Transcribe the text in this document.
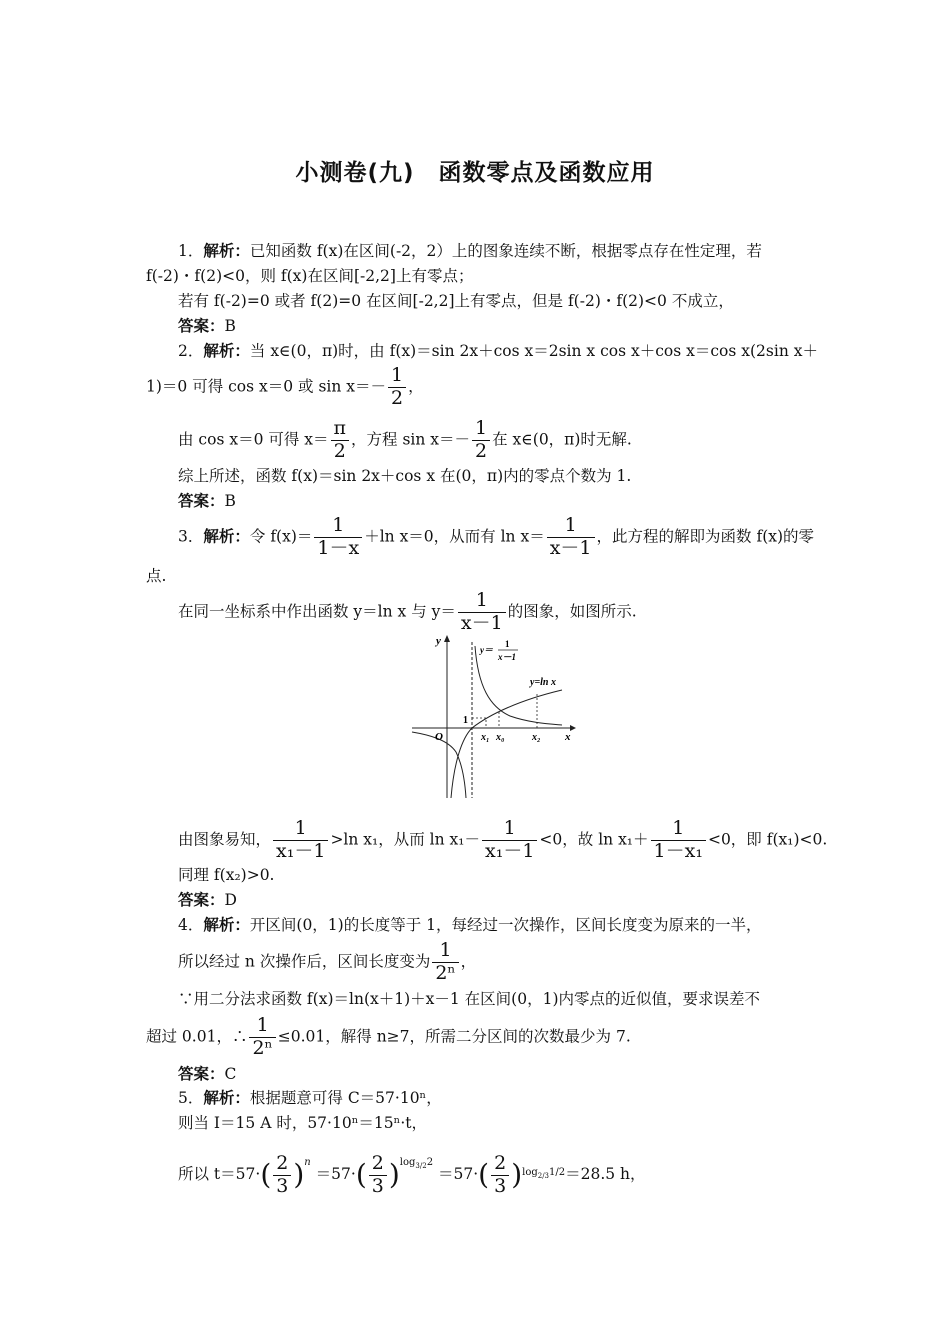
小测卷(九)　函数零点及函数应用
1．解析：已知函数 f(x)在区间(-2，2）上的图象连续不断，根据零点存在性定理，若
f(-2)・f(2)<0，则 f(x)在区间[-2,2]上有零点；
若有 f(-2)=0 或者 f(2)=0 在区间[-2,2]上有零点，但是 f(-2)・f(2)<0 不成立，
答案：B
2．解析：当 x∈(0，π)时，由 f(x)＝sin 2x＋cos x＝2sin x cos x＋cos x＝cos x(2sin x＋
1)＝0 可得 cos x＝0 或 $\sin x=- \frac{1}{2}$ ，
由 cos x＝0 可得 $x= \frac{\pi}{2}$ ，方程 $\sin x=- \frac{1}{2}$ 在 x∈(0，π)时无解.
综上所述，函数 f(x)＝sin 2x＋cos x 在(0，π)内的零点个数为 1.
答案：B
3．解析：令 $f(x)= \frac{1}{1-x} +\ln$ x＝0，从而有 $\ln x= \frac{1}{x-1}$ ，此方程的解即为函数 f(x)的零
点.
在同一坐标系中作出函数 y＝ln x 与 $y= \frac{1}{x-1}$ 的图象，如图所示.
y
x
O
1
y＝
1
x－1
y=ln x
x₁ x₀	x₂
由图象易知， $\frac{1}{\text{x₁－1}} >\ln$ x₁，从而 $\ln x_1- \frac{1}{\text{x₁－1}} <0$，故 $\ln x_1+ \frac{1}{\text{1－x₁}} <0$，即 f(x₁)<0.
同理 f(x₂)>0.
答案：D
4．解析：开区间(0，1)的长度等于 1，每经过一次操作，区间长度变为原来的一半，
所以经过 n 次操作后，区间长度变为 $\frac{1}{\text{2ⁿ}}$ ，
∵用二分法求函数 f(x)＝ln(x＋1)＋x－1 在区间(0，1)内零点的近似值，要求误差不
超过 0.01，∴ $\frac{1}{\text{2ⁿ}} \le 0.01$，解得 n≥7，所需二分区间的次数最少为 7.
答案：C
5．解析：根据题意可得 C＝57·10ⁿ，
则当 I＝15 A 时，57·10ⁿ＝15ⁿ·t，
所以 $t=57\cdot( \frac{2}{3} )^n =57\cdot( \frac{2}{3} )^{log_{3/2}2} =57\cdot( \frac{2}{3} )^{log_{2/3}1/2}=28.5$ h，
